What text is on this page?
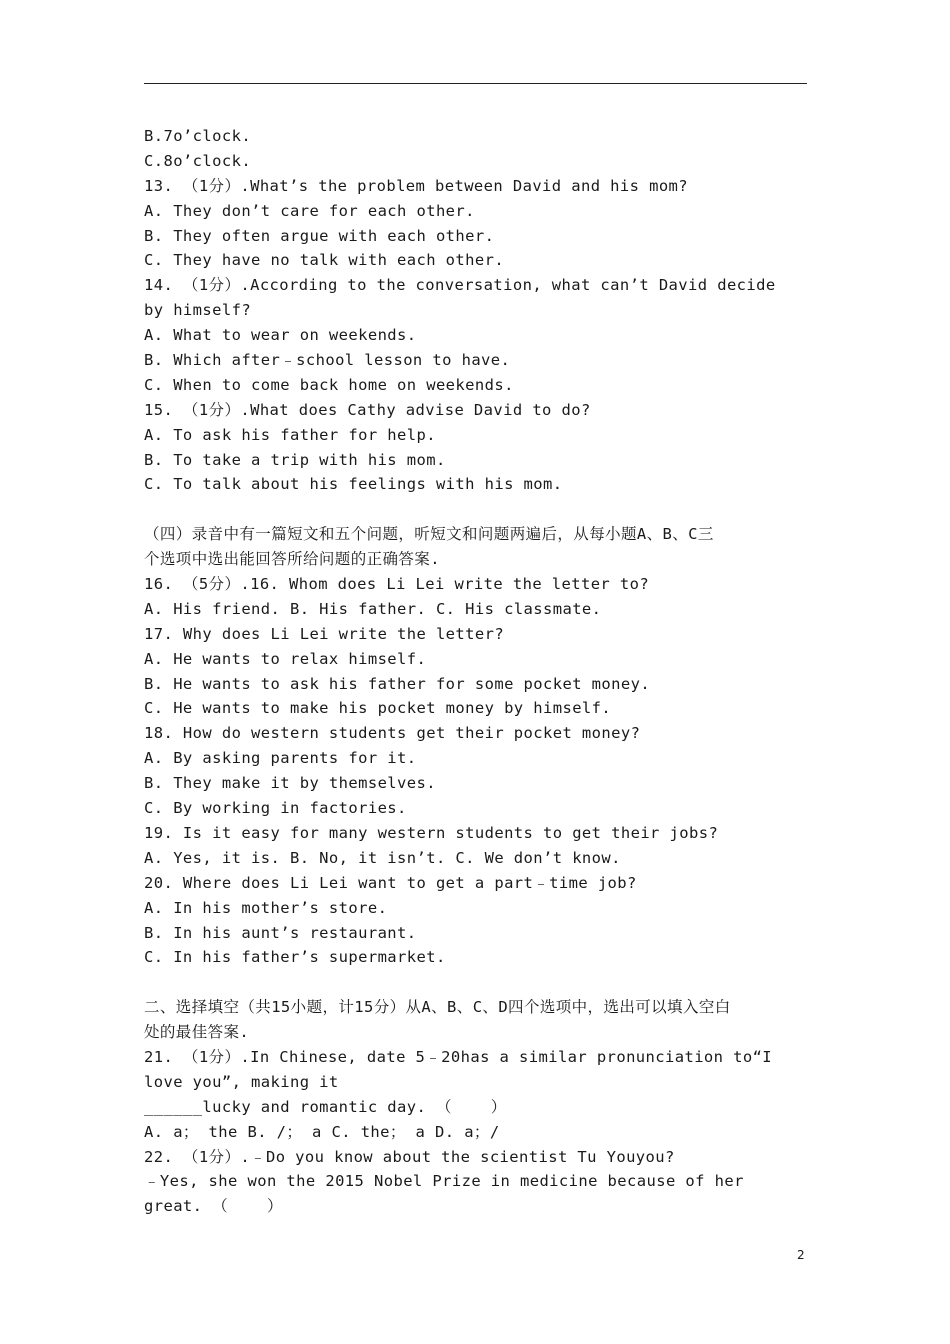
B.7o’clock.
C.8o’clock.
13. （1分）.What’s the problem between David and his mom?
A. They don’t care for each other.
B. They often argue with each other.
C. They have no talk with each other.
14. （1分）.According to the conversation, what can’t David decide
by himself?
A. What to wear on weekends.
B. Which after﹣school lesson to have.
C. When to come back home on weekends.
15. （1分）.What does Cathy advise David to do?
A. To ask his father for help.
B. To take a trip with his mom.
C. To talk about his feelings with his mom.
（四）录音中有一篇短文和五个问题，听短文和问题两遍后，从每小题A、B、C三
个选项中选出能回答所给问题的正确答案.
16. （5分）.16. Whom does Li Lei write the letter to?
A. His friend. B. His father. C. His classmate.
17. Why does Li Lei write the letter?
A. He wants to relax himself.
B. He wants to ask his father for some pocket money.
C. He wants to make his pocket money by himself.
18. How do western students get their pocket money?
A. By asking parents for it.
B. They make it by themselves.
C. By working in factories.
19. Is it easy for many western students to get their jobs?
A. Yes, it is. B. No, it isn’t. C. We don’t know.
20. Where does Li Lei want to get a part﹣time job?
A. In his mother’s store.
B. In his aunt’s restaurant.
C. In his father’s supermarket.
二、选择填空（共15小题，计15分）从A、B、C、D四个选项中，选出可以填入空白
处的最佳答案.
21. （1分）.In Chinese, date 5﹣20has a similar pronunciation to“I
love you”, making it
______lucky and romantic day. （    ）
A. a； the B. /； a C. the； a D. a；/
22. （1分）.﹣Do you know about the scientist Tu Youyou?
﹣Yes, she won the 2015 Nobel Prize in medicine because of her
great. （    ）
2
